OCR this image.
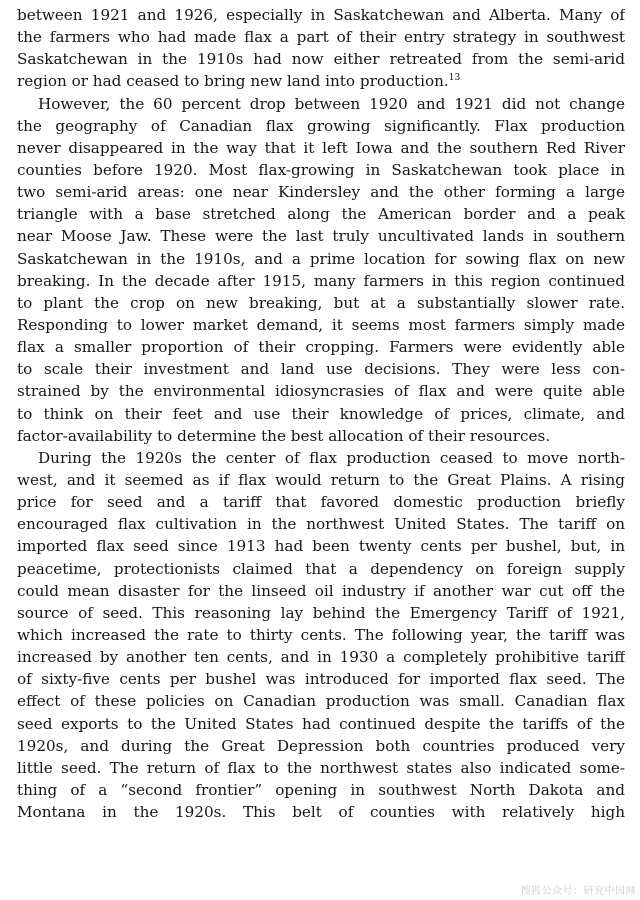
between 1921 and 1926, especially in Saskatchewan and Alberta. Many of
the farmers who had made flax a part of their entry strategy in southwest
Saskatchewan in the 1910s had now either retreated from the semi-arid
region or had ceased to bring new land into production.$^{13}$
However, the 60 percent drop between 1920 and 1921 did not change
the geography of Canadian flax growing significantly. Flax production
never disappeared in the way that it left Iowa and the southern Red River
counties before 1920. Most flax-growing in Saskatchewan took place in
two semi-arid areas: one near Kindersley and the other forming a large
triangle with a base stretched along the American border and a peak
near Moose Jaw. These were the last truly uncultivated lands in southern
Saskatchewan in the 1910s, and a prime location for sowing flax on new
breaking. In the decade after 1915, many farmers in this region continued
to plant the crop on new breaking, but at a substantially slower rate.
Responding to lower market demand, it seems most farmers simply made
flax a smaller proportion of their cropping. Farmers were evidently able
to scale their investment and land use decisions. They were less con-
strained by the environmental idiosyncrasies of flax and were quite able
to think on their feet and use their knowledge of prices, climate, and
factor-availability to determine the best allocation of their resources.
During the 1920s the center of flax production ceased to move north-
west, and it seemed as if flax would return to the Great Plains. A rising
price for seed and a tariff that favored domestic production briefly
encouraged flax cultivation in the northwest United States. The tariff on
imported flax seed since 1913 had been twenty cents per bushel, but, in
peacetime, protectionists claimed that a dependency on foreign supply
could mean disaster for the linseed oil industry if another war cut off the
source of seed. This reasoning lay behind the Emergency Tariff of 1921,
which increased the rate to thirty cents. The following year, the tariff was
increased by another ten cents, and in 1930 a completely prohibitive tariff
of sixty-five cents per bushel was introduced for imported flax seed. The
effect of these policies on Canadian production was small. Canadian flax
seed exports to the United States had continued despite the tariffs of the
1920s, and during the Great Depression both countries produced very
little seed. The return of flax to the northwest states also indicated some-
thing of a “second frontier” opening in southwest North Dakota and
Montana in the 1920s. This belt of counties with relatively high
搜狐公众号：研究中国网
